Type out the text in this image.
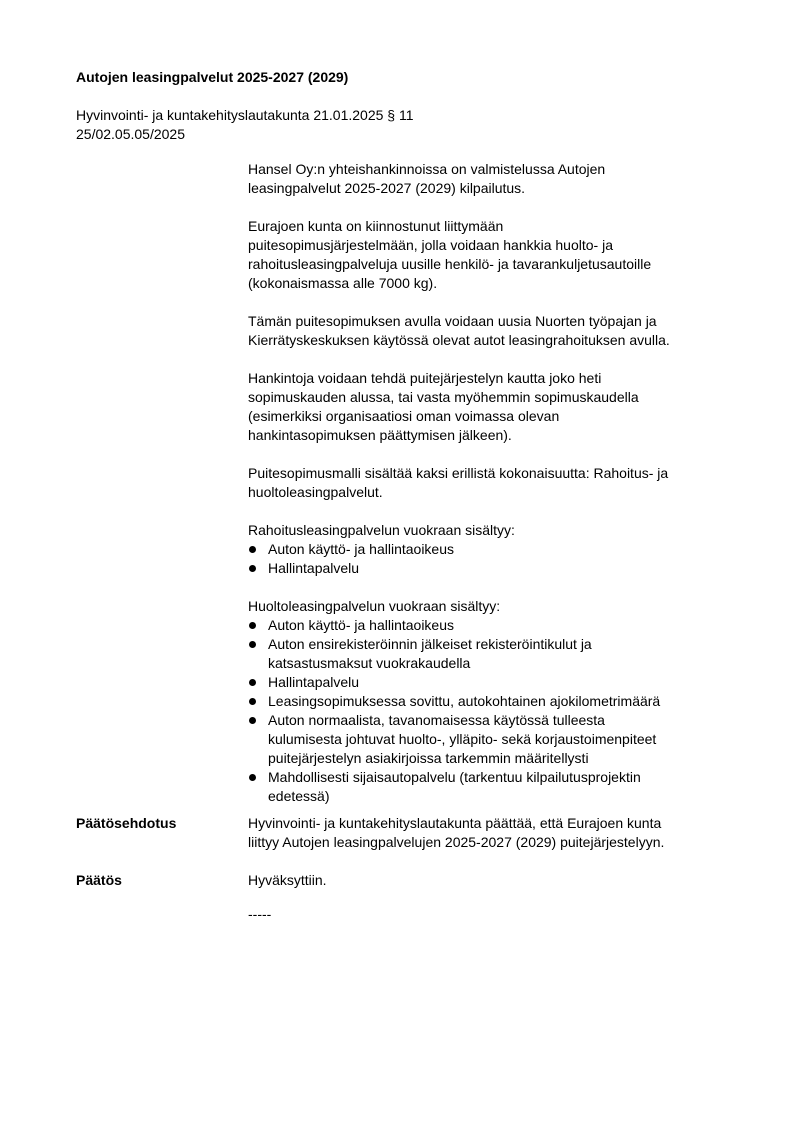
Autojen leasingpalvelut 2025-2027 (2029)
Hyvinvointi- ja kuntakehityslautakunta 21.01.2025 § 11
25/02.05.05/2025

Hansel Oy:n yhteishankinnoissa on valmistelussa Autojen
leasingpalvelut 2025-2027 (2029) kilpailutus.

Eurajoen kunta on kiinnostunut liittymään
puitesopimusjärjestelmään, jolla voidaan hankkia huolto- ja
rahoitusleasingpalveluja uusille henkilö- ja tavarankuljetusautoille
(kokonaismassa alle 7000 kg).

Tämän puitesopimuksen avulla voidaan uusia Nuorten työpajan ja
Kierrätyskeskuksen käytössä olevat autot leasingrahoituksen avulla.

Hankintoja voidaan tehdä puitejärjestelyn kautta joko heti
sopimuskauden alussa, tai vasta myöhemmin sopimuskaudella
(esimerkiksi organisaatiosi oman voimassa olevan
hankintasopimuksen päättymisen jälkeen).

Puitesopimusmalli sisältää kaksi erillistä kokonaisuutta: Rahoitus- ja
huoltoleasingpalvelut.

Rahoitusleasingpalvelun vuokraan sisältyy:

Auton käyttö- ja hallintaoikeus
Hallintapalvelu

Huoltoleasingpalvelun vuokraan sisältyy:

Auton käyttö- ja hallintaoikeus
Auton ensirekisteröinnin jälkeiset rekisteröintikulut ja
katsastusmaksut vuokrakaudella
Hallintapalvelu
Leasingsopimuksessa sovittu, autokohtainen ajokilometrimäärä
Auton normaalista, tavanomaisessa käytössä tulleesta
kulumisesta johtuvat huolto-, ylläpito- sekä korjaustoimenpiteet
puitejärjestelyn asiakirjoissa tarkemmin määritellysti
Mahdollisesti sijaisautopalvelu (tarkentuu kilpailutusprojektin
edetessä)
Päätösehdotus	Hyvinvointi- ja kuntakehityslautakunta päättää, että Eurajoen kunta
liittyy Autojen leasingpalvelujen 2025-2027 (2029) puitejärjestelyyn.
Päätös	Hyväksyttiin.
-----
